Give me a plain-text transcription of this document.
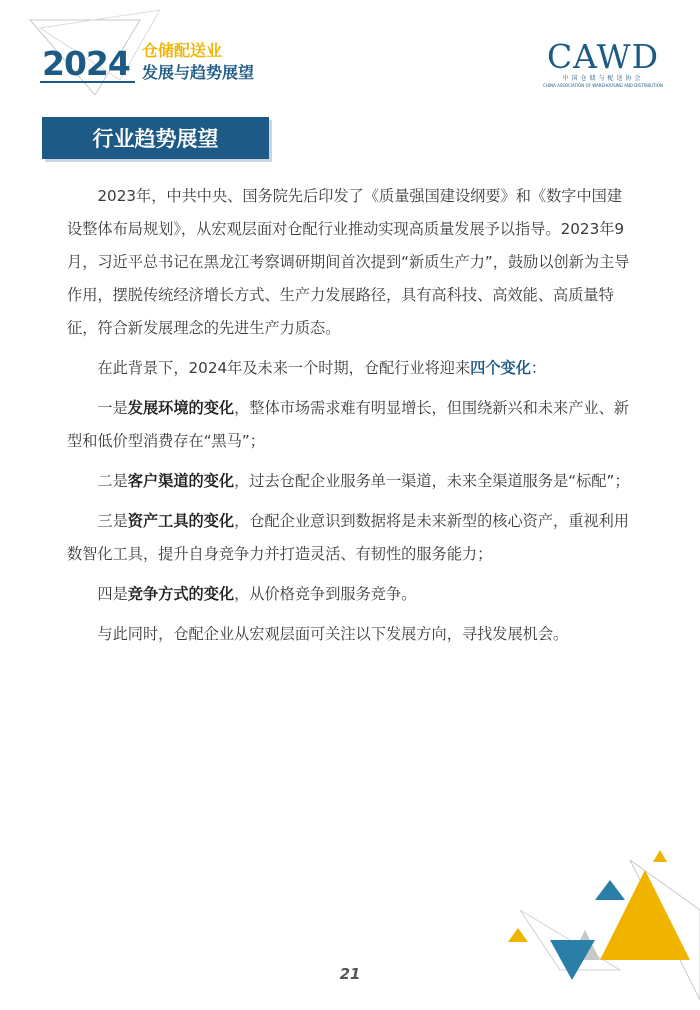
2024 仓储配送业
发展与趋势展望	CAWD
中国仓储与配送协会
CHINA ASSOCIATION OF WAREHOUSING AND DISTRIBUTION
行业趋势展望

2023年，中共中央、国务院先后印发了《质量强国建设纲要》和《数字中国建设整体布局规划》，从宏观层面对仓配行业推动实现高质量发展予以指导。2023年9月，习近平总书记在黑龙江考察调研期间首次提到“新质生产力”，鼓励以创新为主导作用，摆脱传统经济增长方式、生产力发展路径，具有高科技、高效能、高质量特征，符合新发展理念的先进生产力质态。

在此背景下，2024年及未来一个时期，仓配行业将迎来四个变化：

一是发展环境的变化，整体市场需求难有明显增长，但围绕新兴和未来产业、新型和低价型消费存在“黑马”；

二是客户渠道的变化，过去仓配企业服务单一渠道，未来全渠道服务是“标配”；

三是资产工具的变化，仓配企业意识到数据将是未来新型的核心资产，重视利用数智化工具，提升自身竞争力并打造灵活、有韧性的服务能力；

四是竞争方式的变化，从价格竞争到服务竞争。

与此同时，仓配企业从宏观层面可关注以下发展方向，寻找发展机会。

21
